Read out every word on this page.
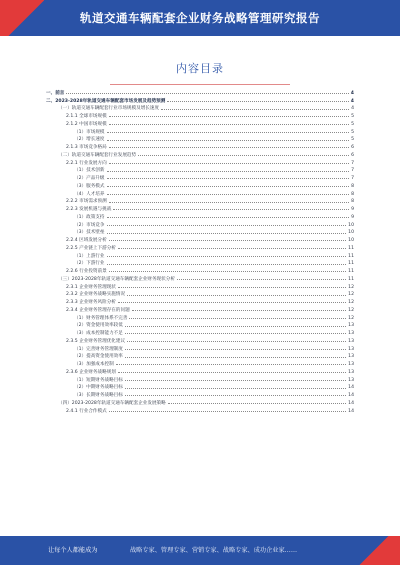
轨道交通车辆配套企业财务战略管理研究报告
内容目录
一、前言	4
二、2023-2028年轨道交通车辆配套市场发展及趋势预测	4
（一）轨道交通车辆配套行业市场规模及增长速度	4
2.1.1 全球市场规模	5
2.1.2 中国市场规模	5
（1）市场规模	5
（2）增长速度	5
2.1.3 市场竞争格局	6
（二）轨道交通车辆配套行业发展趋势	6
2.2.1 行业发展方向	7
（1）技术创新	7
（2）产品升级	7
（3）服务模式	8
（4）人才培养	8
2.2.2 市场需求预测	8
2.2.3 发展机遇与挑战	9
（1）政策支持	9
（2）市场竞争	10
（3）技术壁垒	10
2.2.4 区域发展分析	10
2.2.5 产业链上下游分析	11
（1）上游行业	11
（2）下游行业	11
2.2.6 行业投资前景	11
（三）2023-2028年轨道交通车辆配套企业财务现状分析	11
2.3.1 企业财务管理现状	12
2.3.2 企业财务战略实施情况	12
2.3.3 企业财务风险分析	12
2.3.4 企业财务管理存在的问题	12
（1）财务管理体系不完善	12
（2）资金使用效率较低	13
（3）成本控制能力不足	13
2.3.5 企业财务管理优化建议	13
（1）完善财务管理制度	13
（2）提高资金使用效率	13
（3）加强成本控制	13
2.3.6 企业财务战略规划	13
（1）短期财务战略目标	13
（2）中期财务战略目标	14
（3）长期财务战略目标	14
（四）2023-2028年轨道交通车辆配套企业发展策略	14
2.4.1 行业合作模式	14
让每个人都能成为	战略专家、管理专家、营销专家、战略专家、成功企业家……
